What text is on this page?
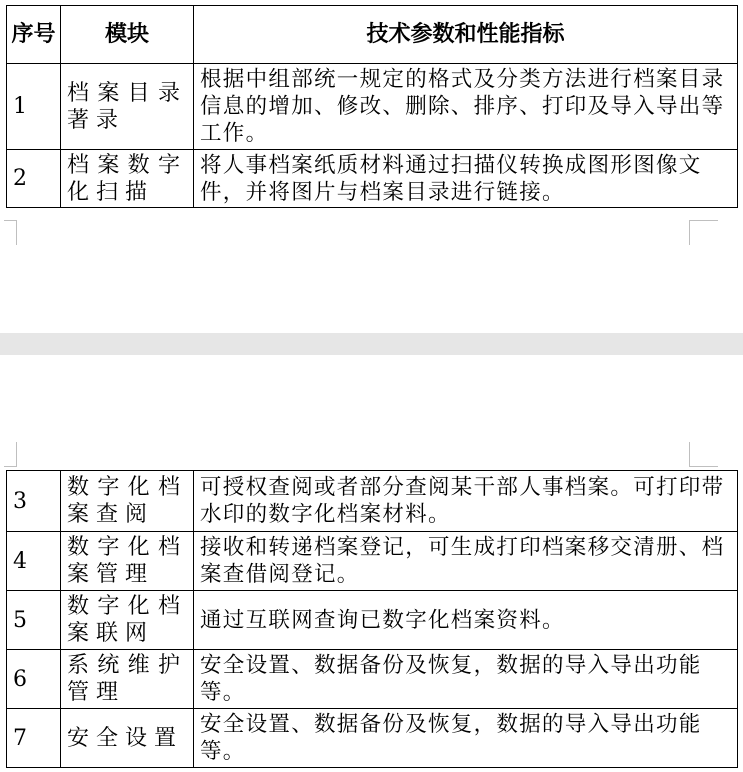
序号	模块	技术参数和性能指标
1	档案目录著录	根据中组部统一规定的格式及分类方法进行档案目录信息的增加、修改、删除、排序、打印及导入导出等工作。
2	档案数字化扫描	将人事档案纸质材料通过扫描仪转换成图形图像文件，并将图片与档案目录进行链接。
3	数字化档案查阅	可授权查阅或者部分查阅某干部人事档案。可打印带水印的数字化档案材料。
4	数字化档案管理	接收和转递档案登记，可生成打印档案移交清册、档案查借阅登记。
5	数字化档案联网	通过互联网查询已数字化档案资料。
6	系统维护管理	安全设置、数据备份及恢复，数据的导入导出功能等。
7	安全设置	安全设置、数据备份及恢复，数据的导入导出功能等。
